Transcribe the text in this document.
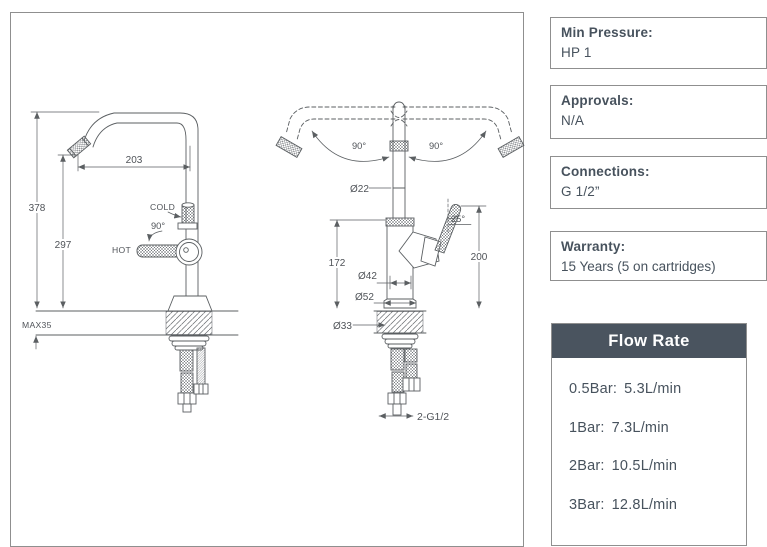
203
378
297
MAX35
COLD
HOT
90°
90°	90°
Ø22
25°
200
172
Ø42
Ø52
Ø33
2-G1/2
Min Pressure:
HP 1
Approvals:
N/A
Connections:
G 1/2”
Warranty:
15 Years (5 on cartridges)
Flow Rate
0.5Bar: 5.3L/min
1Bar: 7.3L/min
2Bar: 10.5L/min
3Bar: 12.8L/min
